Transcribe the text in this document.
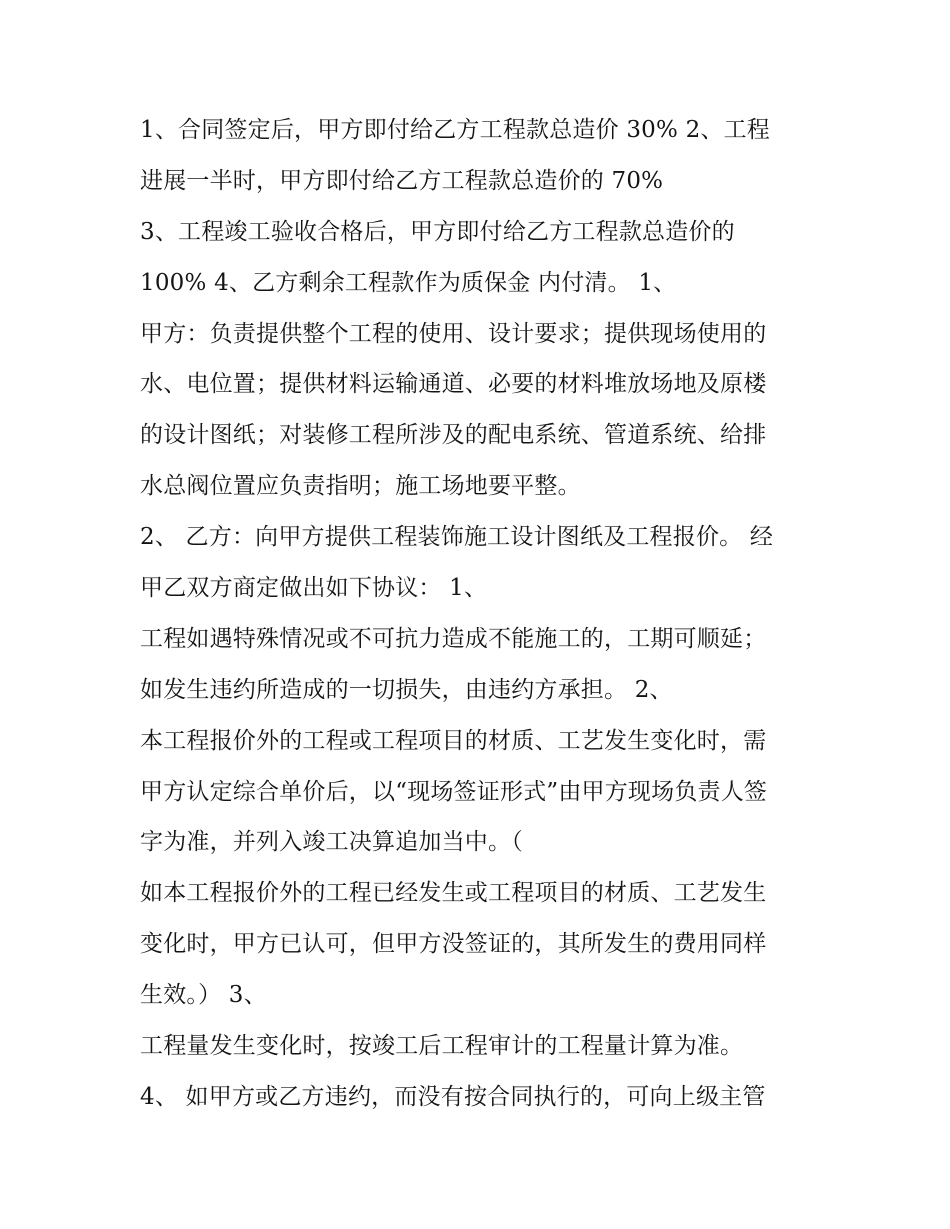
1、合同签定后，甲方即付给乙方工程款总造价 30% 2、工程
进展一半时，甲方即付给乙方工程款总造价的 70%
3、工程竣工验收合格后，甲方即付给乙方工程款总造价的
100% 4、乙方剩余工程款作为质保金 内付清。 1、
甲方：负责提供整个工程的使用、设计要求；提供现场使用的
水、电位置；提供材料运输通道、必要的材料堆放场地及原楼
的设计图纸；对装修工程所涉及的配电系统、管道系统、给排
水总阀位置应负责指明；施工场地要平整。
2、 乙方：向甲方提供工程装饰施工设计图纸及工程报价。 经
甲乙双方商定做出如下协议： 1、
工程如遇特殊情况或不可抗力造成不能施工的，工期可顺延；
如发生违约所造成的一切损失，由违约方承担。 2、
本工程报价外的工程或工程项目的材质、工艺发生变化时，需
甲方认定综合单价后，以“现场签证形式”由甲方现场负责人签
字为准，并列入竣工决算追加当中。（
如本工程报价外的工程已经发生或工程项目的材质、工艺发生
变化时，甲方已认可，但甲方没签证的，其所发生的费用同样
生效。） 3、
工程量发生变化时，按竣工后工程审计的工程量计算为准。
4、 如甲方或乙方违约，而没有按合同执行的，可向上级主管
